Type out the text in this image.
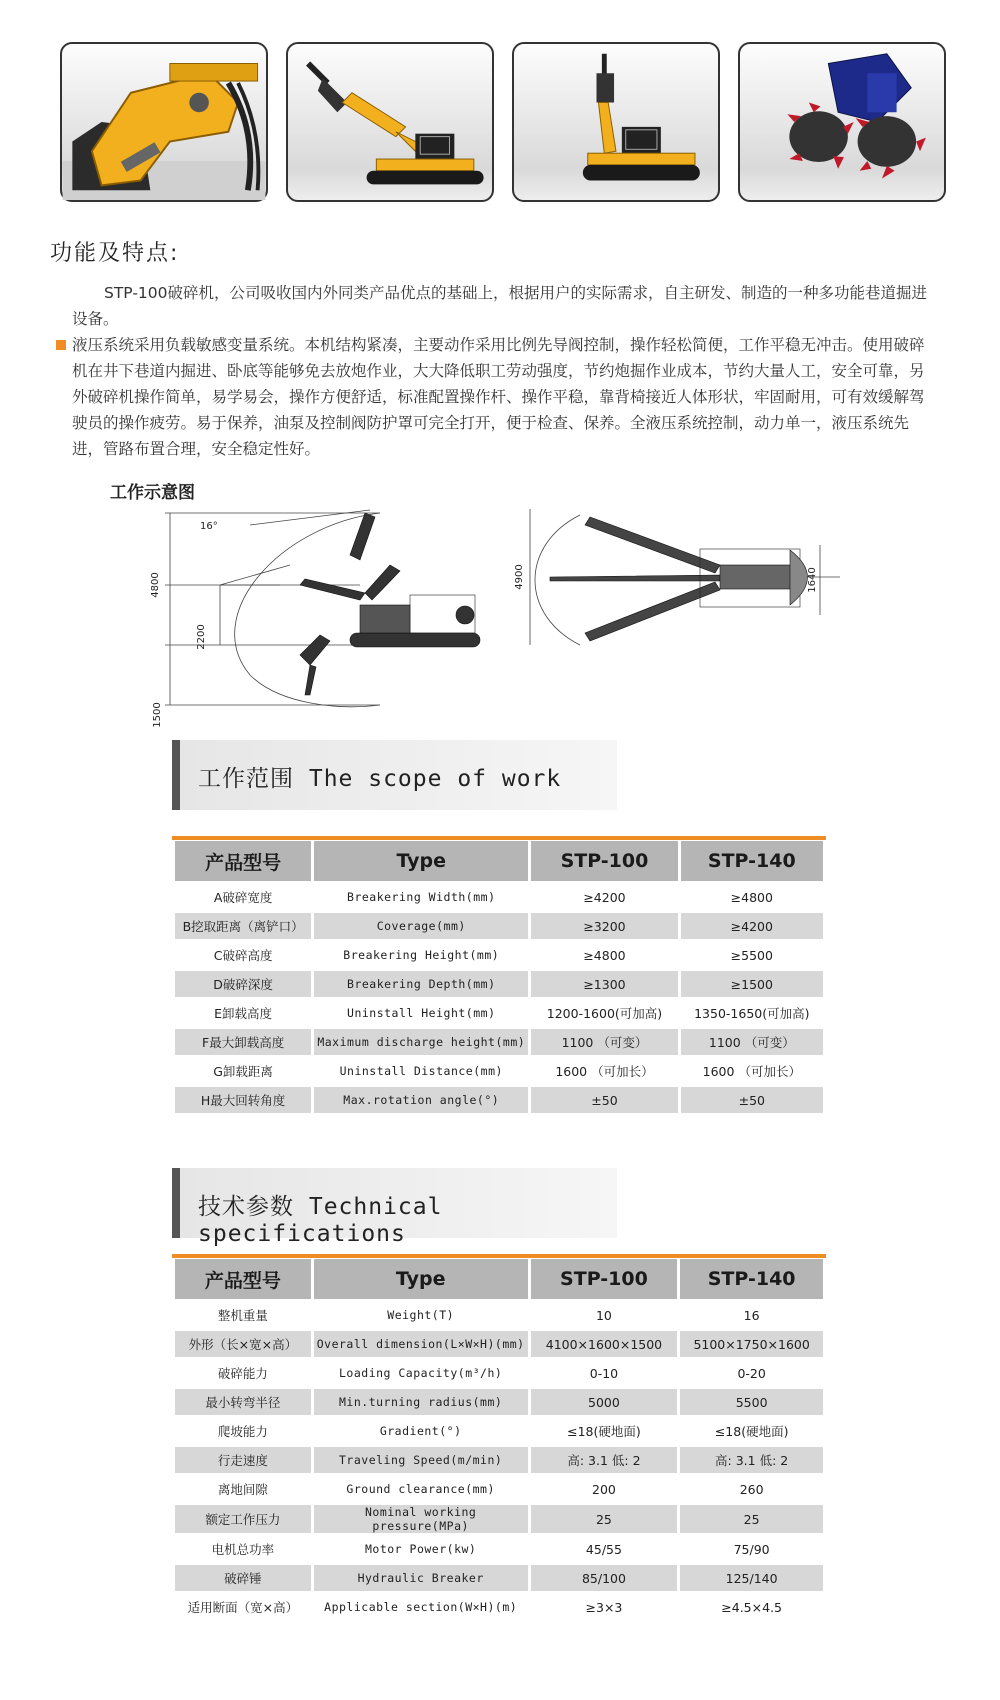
功能及特点:

STP-100破碎机，公司吸收国内外同类产品优点的基础上，根据用户的实际需求，自主研发、制造的一种多功能巷道掘进设备。

液压系统采用负载敏感变量系统。本机结构紧凑，主要动作采用比例先导阀控制，操作轻松简便，工作平稳无冲击。使用破碎机在井下巷道内掘进、卧底等能够免去放炮作业，大大降低职工劳动强度，节约炮掘作业成本，节约大量人工，安全可靠，另外破碎机操作简单，易学易会，操作方便舒适，标准配置操作杆、操作平稳，靠背椅接近人体形状，牢固耐用，可有效缓解驾驶员的操作疲劳。易于保养，油泵及控制阀防护罩可完全打开，便于检查、保养。全液压系统控制，动力单一，液压系统先进，管路布置合理，安全稳定性好。

工作示意图
4800
2200
1500
16°
4900	1640
工作范围 The scope of work
产品型号	Type	STP-100	STP-140
A破碎宽度	Breakering Width(mm)	≥4200	≥4800
B挖取距离（离铲口）	Coverage(mm)	≥3200	≥4200
C破碎高度	Breakering Height(mm)	≥4800	≥5500
D破碎深度	Breakering Depth(mm)	≥1300	≥1500
E卸载高度	Uninstall Height(mm)	1200-1600(可加高)	1350-1650(可加高)
F最大卸载高度	Maximum discharge height(mm)	1100 （可变）	1100 （可变）
G卸载距离	Uninstall Distance(mm)	1600 （可加长）	1600 （可加长）
H最大回转角度	Max.rotation angle(°)	±50	±50
技术参数 Technical specifications
产品型号	Type	STP-100	STP-140
整机重量	Weight(T)	10	16
外形（长×宽×高）	Overall dimension(L×W×H)(mm)	4100×1600×1500	5100×1750×1600
破碎能力	Loading Capacity(m³/h)	0-10	0-20
最小转弯半径	Min.turning radius(mm)	5000	5500
爬坡能力	Gradient(°)	≤18(硬地面)	≤18(硬地面)
行走速度	Traveling Speed(m/min)	高: 3.1 低: 2	高: 3.1 低: 2
离地间隙	Ground clearance(mm)	200	260
额定工作压力	Nominal working pressure(MPa)	25	25
电机总功率	Motor Power(kw)	45/55	75/90
破碎锤	Hydraulic Breaker	85/100	125/140
适用断面（宽×高）	Applicable section(W×H)(m)	≥3×3	≥4.5×4.5
